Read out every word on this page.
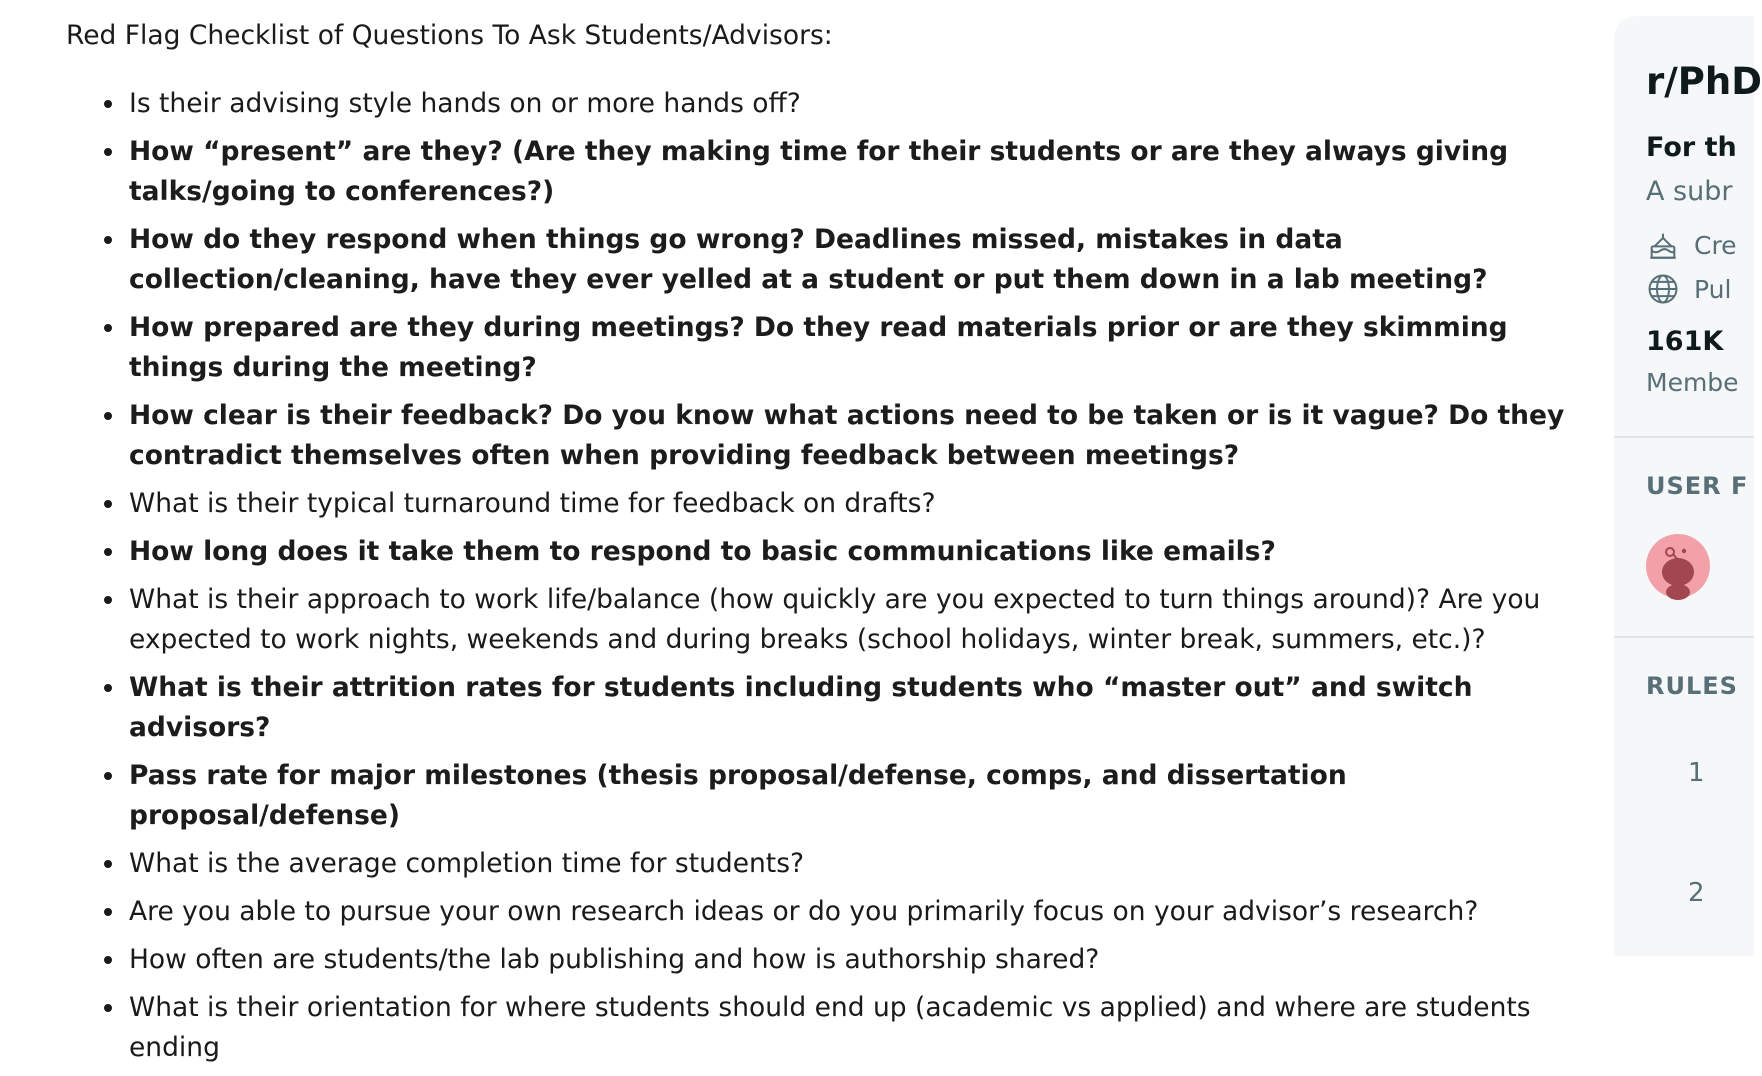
Red Flag Checklist of Questions To Ask Students/Advisors:

Is their advising style hands on or more hands off?
How “present” are they? (Are they making time for their students or are they always giving talks/going to conferences?)
How do they respond when things go wrong? Deadlines missed, mistakes in data collection/cleaning, have they ever yelled at a student or put them down in a lab meeting?
How prepared are they during meetings? Do they read materials prior or are they skimming things during the meeting?
How clear is their feedback? Do you know what actions need to be taken or is it vague? Do they contradict themselves often when providing feedback between meetings?
What is their typical turnaround time for feedback on drafts?
How long does it take them to respond to basic communications like emails?
What is their approach to work life/balance (how quickly are you expected to turn things around)? Are you expected to work nights, weekends and during breaks (school holidays, winter break, summers, etc.)?
What is their attrition rates for students including students who “master out” and switch advisors?
Pass rate for major milestones (thesis proposal/defense, comps, and dissertation proposal/defense)
What is the average completion time for students?
Are you able to pursue your own research ideas or do you primarily focus on your advisor’s research?
How often are students/the lab publishing and how is authorship shared?
What is their orientation for where students should end up (academic vs applied) and where are students ending
r/PhD
For th
A subr
Cre
Pul
161K
Membe
USER F
RULES
1
2
